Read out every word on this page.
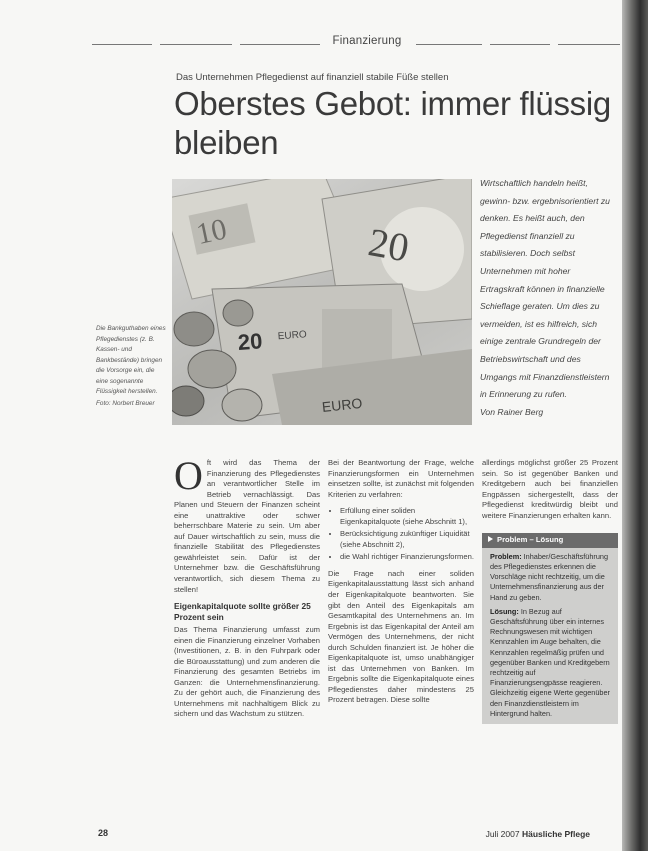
Finanzierung
Das Unternehmen Pflegedienst auf finanziell stabile Füße stellen
Oberstes Gebot: immer flüssig bleiben
10	20
20 EURO
EURO
Die Bankguthaben eines Pflegedienstes (z. B. Kassen- und Bankbestände) bringen die Vorsorge ein, die eine sogenannte Flüssigkeit herstellen.
Foto: Norbert Breuer

Wirtschaftlich handeln heißt, gewinn- bzw. ergebnisorientiert zu denken. Es heißt auch, den Pflegedienst finanziell zu stabilisieren. Doch selbst Unternehmen mit hoher Ertragskraft können in finanzielle Schieflage geraten. Um dies zu vermeiden, ist es hilfreich, sich einige zentrale Grundregeln der Betriebswirtschaft und des Umgangs mit Finanzdienstleistern in Erinnerung zu rufen.
Von Rainer Berg

Oft wird das Thema der Finanzierung des Pflegedienstes an verantwortlicher Stelle im Betrieb vernachlässigt. Das Planen und Steuern der Finanzen scheint eine unattraktive oder schwer beherrschbare Materie zu sein. Um aber auf Dauer wirtschaftlich zu sein, muss die finanzielle Stabilität des Pflegedienstes gewährleistet sein. Dafür ist der Unternehmer bzw. die Geschäftsführung verantwortlich, sich diesem Thema zu stellen!

Eigenkapitalquote sollte größer 25 Prozent sein

Das Thema Finanzierung umfasst zum einen die Finanzierung einzelner Vorhaben (Investitionen, z. B. in den Fuhrpark oder die Büroausstattung) und zum anderen die Finanzierung des gesamten Betriebs im Ganzen: die Unternehmensfinanzierung. Zu der gehört auch, die Finanzierung des Unternehmens mit nachhaltigem Blick zu sichern und das Wachstum zu stützen.

Bei der Beantwortung der Frage, welche Finanzierungsformen ein Unternehmen einsetzen sollte, ist zunächst mit folgenden Kriterien zu verfahren:

• Erfüllung einer soliden Eigenkapitalquote (siehe Abschnitt 1),
• Berücksichtigung zukünftiger Liquidität (siehe Abschnitt 2),
• die Wahl richtiger Finanzierungsformen.

Die Frage nach einer soliden Eigenkapitalausstattung lässt sich anhand der Eigenkapitalquote beantworten. Sie gibt den Anteil des Eigenkapitals am Gesamtkapital des Unternehmens an. Im Ergebnis ist das Eigenkapital der Anteil am Vermögen des Unternehmens, der nicht durch Schulden finanziert ist. Je höher die Eigenkapitalquote ist, umso unabhängiger ist das Unternehmen von Banken. Im Ergebnis sollte die Eigenkapitalquote eines Pflegedienstes daher mindestens 25 Prozent betragen. Diese sollte

allerdings möglichst größer 25 Prozent sein. So ist gegenüber Banken und Kreditgebern auch bei finanziellen Engpässen sichergestellt, dass der Pflegedienst kreditwürdig bleibt und weitere Finanzierungen erhalten kann.

Problem – Lösung

Problem: Inhaber/Geschäftsführung des Pflegedienstes erkennen die Vorschläge nicht rechtzeitig, um die Unternehmensfinanzierung aus der Hand zu geben.

Lösung: In Bezug auf Geschäftsführung über ein internes Rechnungswesen mit wichtigen Kennzahlen im Auge behalten, die Kennzahlen regelmäßig prüfen und gegenüber Banken und Kreditgebern rechtzeitig auf Finanzierungsengpässe reagieren. Gleichzeitig eigene Werte gegenüber den Finanzdienstleistern im Hintergrund halten.

28	Juli 2007 Häusliche Pflege
